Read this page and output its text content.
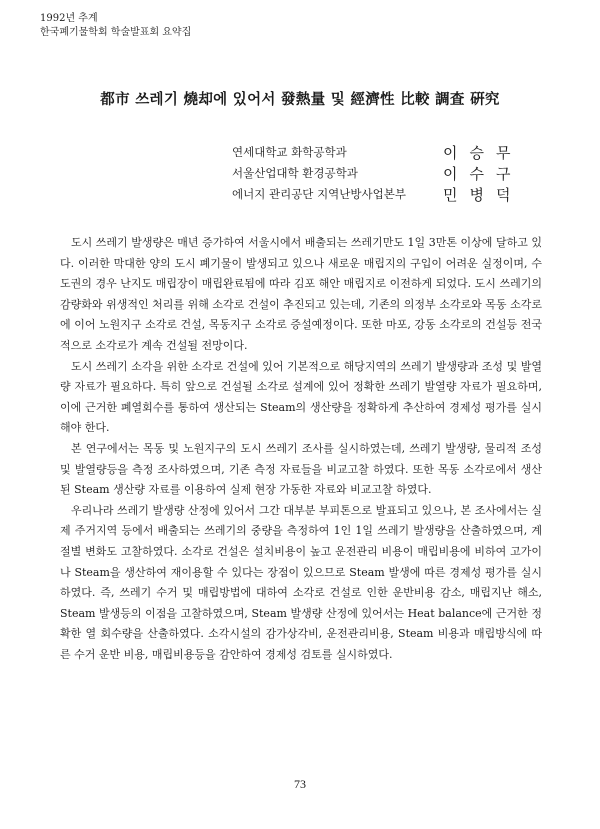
1992년 추계
한국폐기물학회 학술발표회 요약집
都市 쓰레기 燒却에 있어서 發熱量 및 經濟性 比較 調査 硏究
연세대학교 화학공학과	이승무
서울산업대학 환경공학과	이수구
에너지 관리공단 지역난방사업본부 민병덕

도시 쓰레기 발생량은 매년 증가하여 서울시에서 배출되는 쓰레기만도 1일 3만톤 이상에 달하고 있다. 이러한 막대한 양의 도시 폐기물이 발생되고 있으나 새로운 매립지의 구입이 어려운 실정이며, 수도권의 경우 난지도 매립장이 매립완료됨에 따라 김포 해안 매립지로 이전하게 되었다. 도시 쓰레기의 감량화와 위생적인 처리를 위해 소각로 건설이 추진되고 있는데, 기존의 의정부 소각로와 목동 소각로에 이어 노원지구 소각로 건설, 목동지구 소각로 증설예정이다. 또한 마포, 강동 소각로의 건설등 전국적으로 소각로가 계속 건설될 전망이다.

도시 쓰레기 소각을 위한 소각로 건설에 있어 기본적으로 해당지역의 쓰레기 발생량과 조성 및 발열량 자료가 필요하다. 특히 앞으로 건설될 소각로 설계에 있어 정확한 쓰레기 발열량 자료가 필요하며, 이에 근거한 폐열회수를 통하여 생산되는 Steam의 생산량을 정확하게 추산하여 경제성 평가를 실시해야 한다.

본 연구에서는 목동 및 노원지구의 도시 쓰레기 조사를 실시하였는데, 쓰레기 발생량, 물리적 조성 및 발열량등을 측정 조사하였으며, 기존 측정 자료들을 비교고찰 하였다. 또한 목동 소각로에서 생산된 Steam 생산량 자료를 이용하여 실제 현장 가동한 자료와 비교고찰 하였다.

우리나라 쓰레기 발생량 산정에 있어서 그간 대부분 부피톤으로 발표되고 있으나, 본 조사에서는 실제 주거지역 등에서 배출되는 쓰레기의 중량을 측정하여 1인 1일 쓰레기 발생량을 산출하였으며, 계절별 변화도 고찰하였다. 소각로 건설은 설치비용이 높고 운전관리 비용이 매립비용에 비하여 고가이나 Steam을 생산하여 재이용할 수 있다는 장점이 있으므로 Steam 발생에 따른 경제성 평가를 실시하였다. 즉, 쓰레기 수거 및 매립방법에 대하여 소각로 건설로 인한 운반비용 감소, 매립지난 해소, Steam 발생등의 이점을 고찰하였으며, Steam 발생량 산정에 있어서는 Heat balance에 근거한 정확한 열 회수량을 산출하였다. 소각시설의 감가상각비, 운전관리비용, Steam 비용과 매립방식에 따른 수거 운반 비용, 매립비용등을 감안하여 경제성 검토를 실시하였다.

73
